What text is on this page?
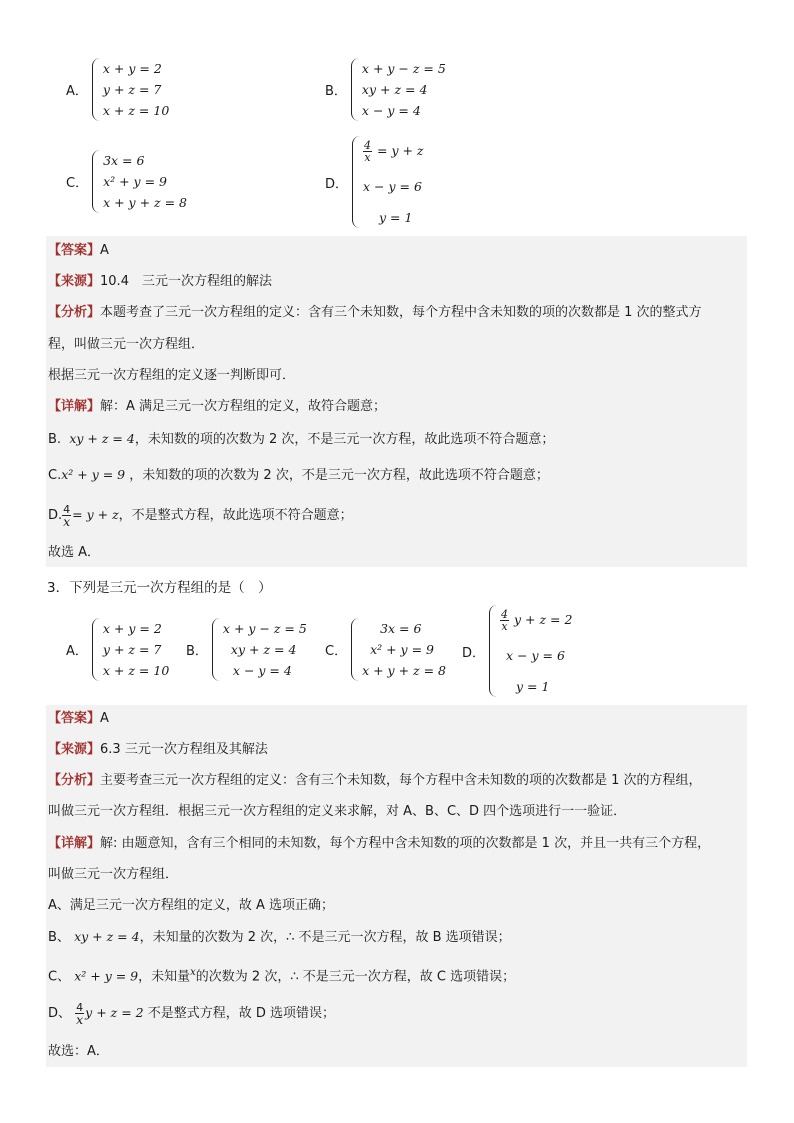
A．
x + y = 2
y + z = 7
x + z = 10
B．
x + y − z = 5
xy + z = 4
x − y = 4
C．
3x = 6
x² + y = 9
x + y + z = 8
D．
$\frac{4}{x} = y + z$
x − y = 6
y = 1
【答案】A
【来源】10.4　三元一次方程组的解法
【分析】本题考查了三元一次方程组的定义：含有三个未知数，每个方程中含未知数的项的次数都是 1 次的整式方
程，叫做三元一次方程组．
根据三元一次方程组的定义逐一判断即可．
【详解】解：A 满足三元一次方程组的定义，故符合题意；
B. xy + z = 4，未知数的项的次数为 2 次，不是三元一次方程，故此选项不符合题意；
C.x² + y = 9 ，未知数的项的次数为 2 次，不是三元一次方程，故此选项不符合题意；
D. $\frac{4}{x} = y + z$，不是整式方程，故此选项不符合题意；
故选 A．
3．下列是三元一次方程组的是（　）
A．
x + y = 2
y + z = 7
x + z = 10
B．
x + y − z = 5
xy + z = 4
x − y = 4
C．
3x = 6
x² + y = 9
x + y + z = 8
D．
$\frac{4}{x}$ y + z = 2
x − y = 6
y = 1
【答案】A
【来源】6.3 三元一次方程组及其解法
【分析】主要考查三元一次方程组的定义：含有三个未知数，每个方程中含未知数的项的次数都是 1 次的方程组，
叫做三元一次方程组．根据三元一次方程组的定义来求解，对 A、B、C、D 四个选项进行一一验证．
【详解】解: 由题意知，含有三个相同的未知数，每个方程中含未知数的项的次数都是 1 次，并且一共有三个方程，
叫做三元一次方程组．
A、满足三元一次方程组的定义，故 A 选项正确；
B、 xy + z = 4，未知量的次数为 2 次，∴ 不是三元一次方程，故 B 选项错误；
C、 x² + y = 9，未知量$^x$的次数为 2 次，∴ 不是三元一次方程，故 C 选项错误；
D、 $\frac{4}{x}$ y + z = 2 不是整式方程，故 D 选项错误；
故选：A．
